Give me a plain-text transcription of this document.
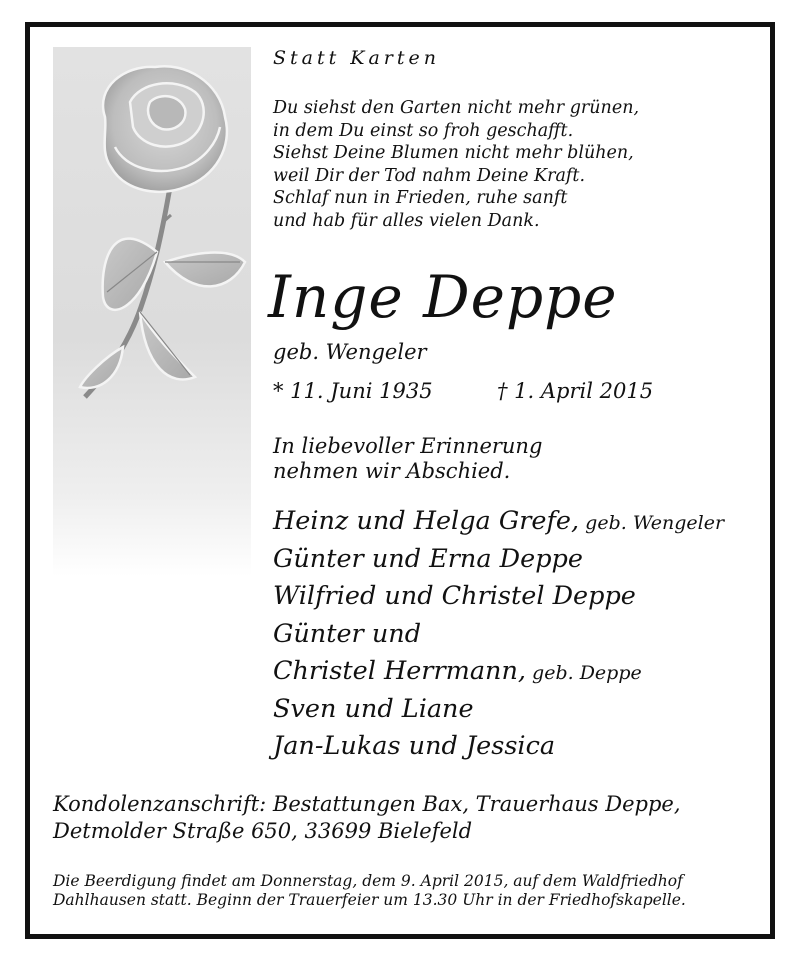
Statt Karten
Du siehst den Garten nicht mehr grünen,
in dem Du einst so froh geschafft.
Siehst Deine Blumen nicht mehr blühen,
weil Dir der Tod nahm Deine Kraft.
Schlaf nun in Frieden, ruhe sanft
und hab für alles vielen Dank.
Inge Deppe
geb. Wengeler
* 11. Juni 1935	† 1. April 2015
In liebevoller Erinnerung
nehmen wir Abschied.
Heinz und Helga Grefe, geb. Wengeler
Günter und Erna Deppe
Wilfried und Christel Deppe
Günter und
Christel Herrmann, geb. Deppe
Sven und Liane
Jan-Lukas und Jessica
Kondolenzanschrift: Bestattungen Bax, Trauerhaus Deppe,
Detmolder Straße 650, 33699 Bielefeld
Die Beerdigung findet am Donnerstag, dem 9. April 2015, auf dem Waldfriedhof
Dahlhausen statt. Beginn der Trauerfeier um 13.30 Uhr in der Friedhofskapelle.
